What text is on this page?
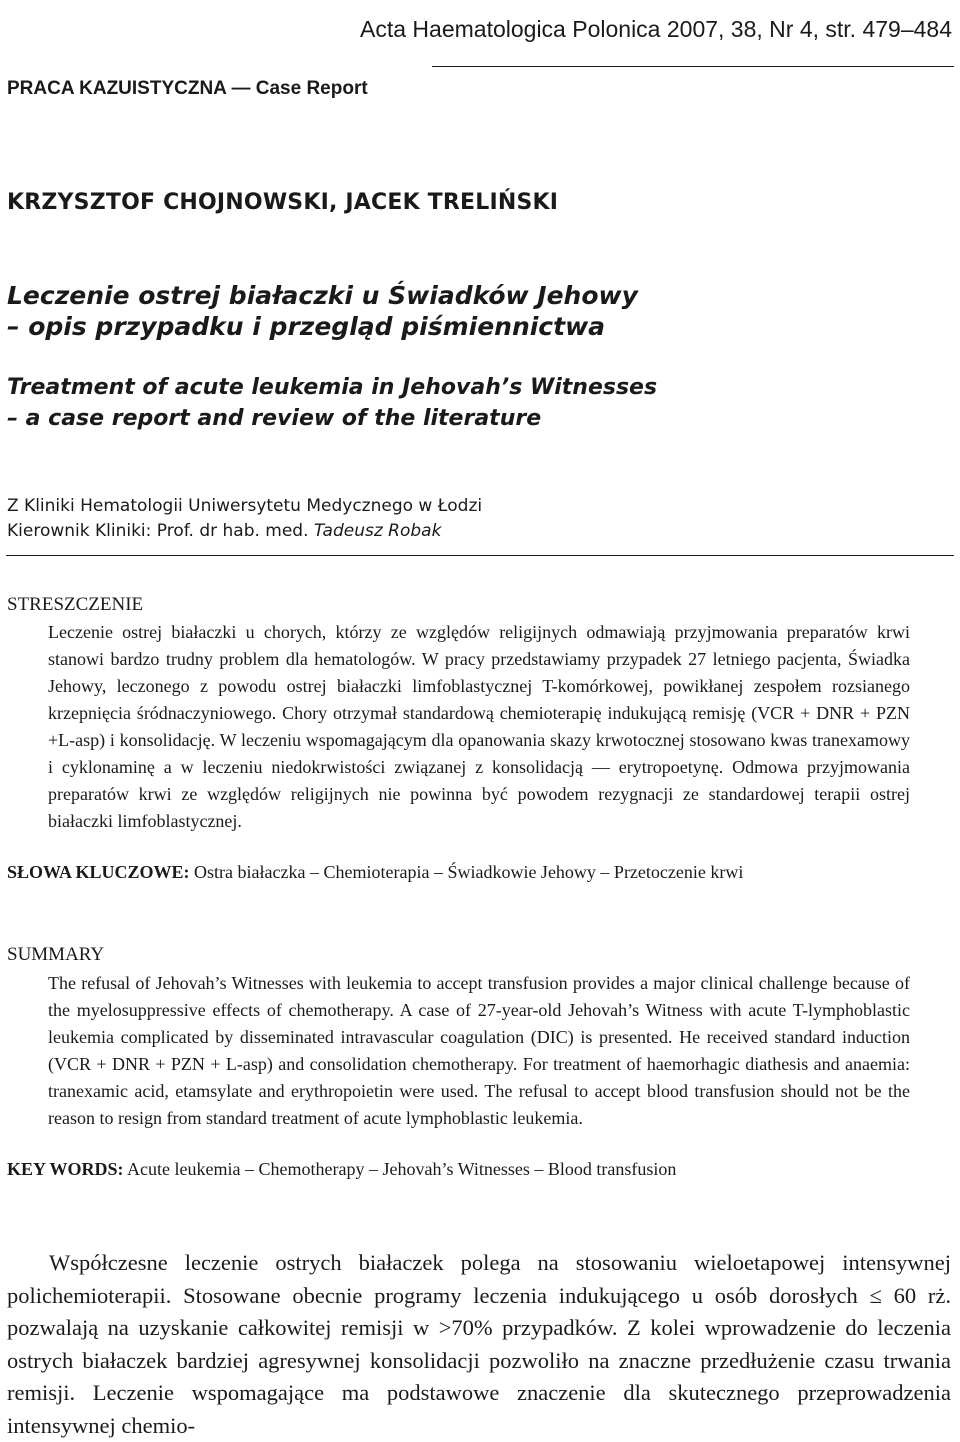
Acta Haematologica Polonica 2007, 38, Nr 4, str. 479–484
PRACA KAZUISTYCZNA — Case Report
KRZYSZTOF CHOJNOWSKI, JACEK TRELIŃSKI
Leczenie ostrej białaczki u Świadków Jehowy
– opis przypadku i przegląd piśmiennictwa
Treatment of acute leukemia in Jehovah’s Witnesses
– a case report and review of the literature
Z Kliniki Hematologii Uniwersytetu Medycznego w Łodzi
Kierownik Kliniki: Prof. dr hab. med. Tadeusz Robak
STRESZCZENIE
Leczenie ostrej białaczki u chorych, którzy ze względów religijnych odmawiają przyjmowania preparatów krwi stanowi bardzo trudny problem dla hematologów. W pracy przedstawiamy przypadek 27 letniego pacjenta, Świadka Jehowy, leczonego z powodu ostrej białaczki limfoblastycznej T-komórkowej, powikłanej zespołem rozsianego krzepnięcia śródnaczyniowego. Chory otrzymał standardową chemioterapię indukującą remisję (VCR + DNR + PZN +L-asp) i konsolidację. W leczeniu wspomagającym dla opanowania skazy krwotocznej stosowano kwas tranexamowy i cyklonaminę a w leczeniu niedokrwistości związanej z konsolidacją — erytropoetynę. Odmowa przyjmowania preparatów krwi ze względów religijnych nie powinna być powodem rezygnacji ze standardowej terapii ostrej białaczki limfoblastycznej.
SŁOWA KLUCZOWE: Ostra białaczka – Chemioterapia – Świadkowie Jehowy – Przetoczenie krwi
SUMMARY
The refusal of Jehovah’s Witnesses with leukemia to accept transfusion provides a major clinical challenge because of the myelosuppressive effects of chemotherapy. A case of 27-year-old Jehovah’s Witness with acute T-lymphoblastic leukemia complicated by disseminated intravascular coagulation (DIC) is presented. He received standard induction (VCR + DNR + PZN + L-asp) and consolidation chemotherapy. For treatment of haemorhagic diathesis and anaemia: tranexamic acid, etamsylate and erythropoietin were used. The refusal to accept blood transfusion should not be the reason to resign from standard treatment of acute lymphoblastic leukemia.
KEY WORDS: Acute leukemia – Chemotherapy – Jehovah’s Witnesses – Blood transfusion
Współczesne leczenie ostrych białaczek polega na stosowaniu wieloetapowej intensywnej polichemioterapii. Stosowane obecnie programy leczenia indukującego u osób dorosłych ≤ 60 rż. pozwalają na uzyskanie całkowitej remisji w >70% przypadków. Z kolei wprowadzenie do leczenia ostrych białaczek bardziej agresywnej konsolidacji pozwoliło na znaczne przedłużenie czasu trwania remisji. Leczenie wspomagające ma podstawowe znaczenie dla skutecznego przeprowadzenia intensywnej chemio-
